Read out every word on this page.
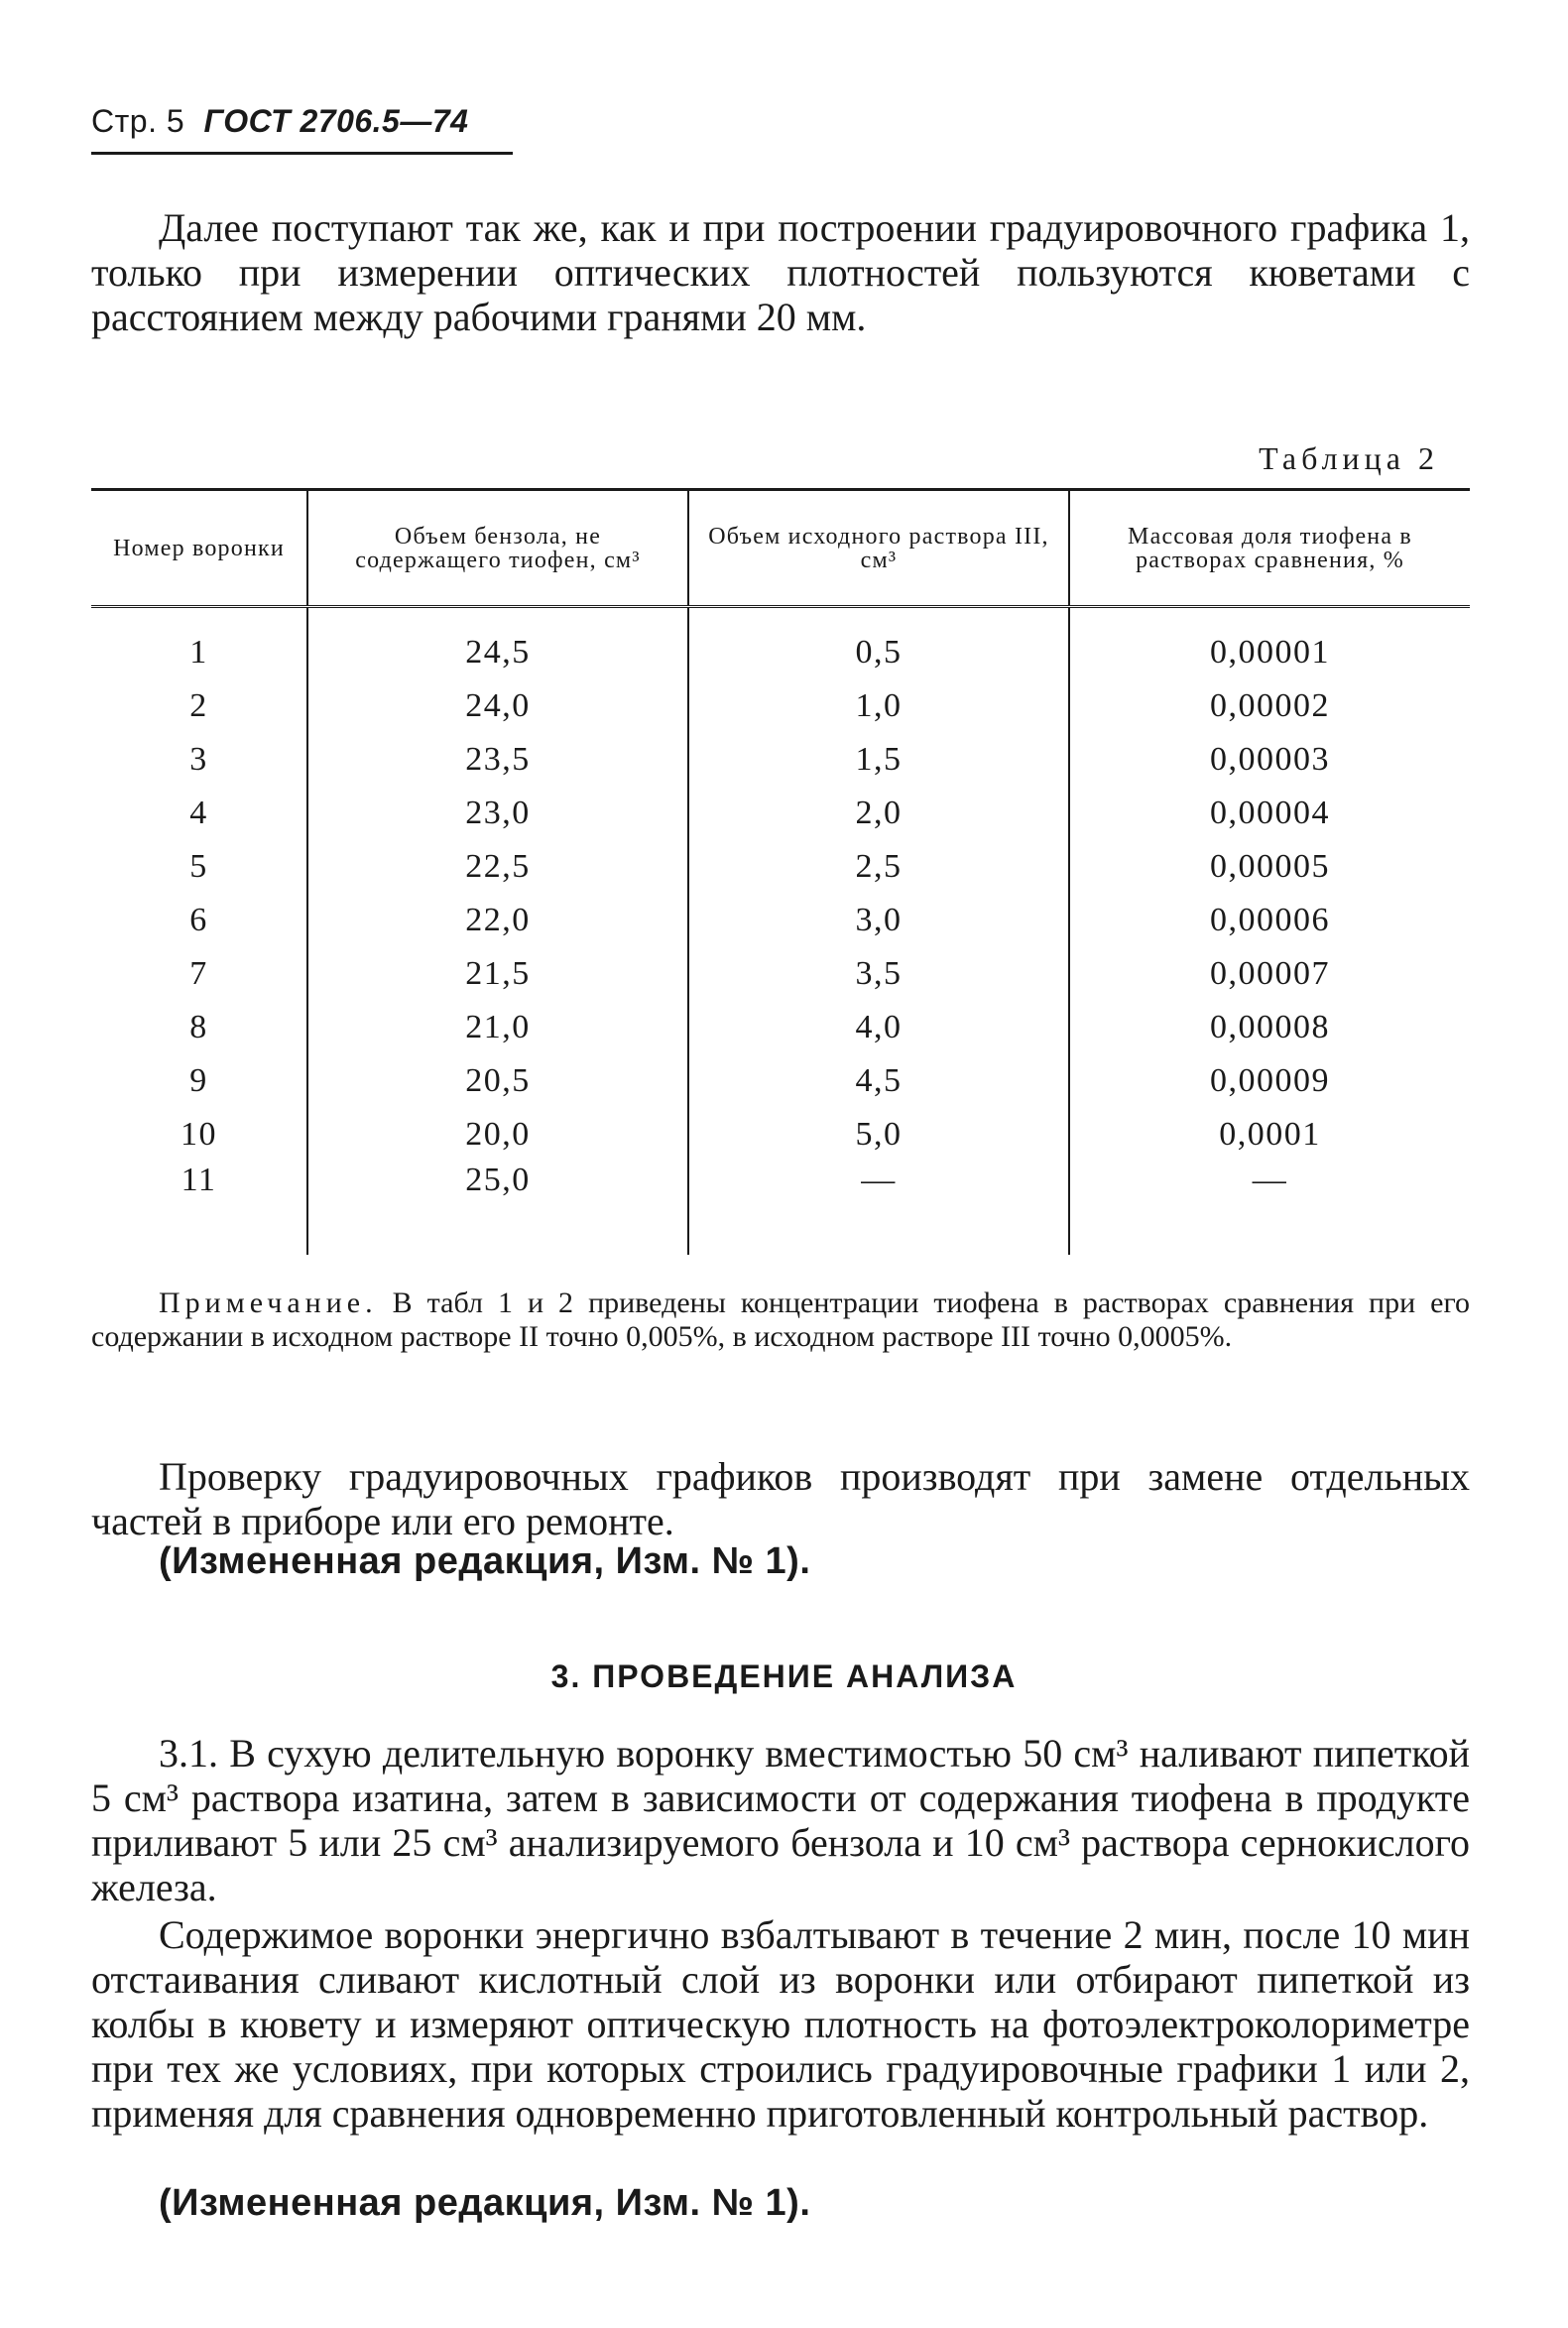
Стр. 5 ГОСТ 2706.5—74

Далее поступают так же, как и при построении градуировочного графика 1, только при измерении оптических плотностей пользуются кюветами с расстоянием между рабочими гранями 20 мм.

Таблица 2
Номер воронки	Объем бензола, не содержащего тиофен, см³	Объем исходного раствора III, см³	Массовая доля тиофена в растворах сравнения, %
1	24,5	0,5	0,00001
2	24,0	1,0	0,00002
3	23,5	1,5	0,00003
4	23,0	2,0	0,00004
5	22,5	2,5	0,00005
6	22,0	3,0	0,00006
7	21,5	3,5	0,00007
8	21,0	4,0	0,00008
9	20,5	4,5	0,00009
10	20,0	5,0	0,0001
11	25,0	—	—

Примечание. В табл 1 и 2 приведены концентрации тиофена в растворах сравнения при его содержании в исходном растворе II точно 0,005%, в исходном растворе III точно 0,0005%.

Проверку градуировочных графиков производят при замене отдельных частей в приборе или его ремонте.

(Измененная редакция, Изм. № 1).
3. ПРОВЕДЕНИЕ АНАЛИЗА

3.1. В сухую делительную воронку вместимостью 50 см³ наливают пипеткой 5 см³ раствора изатина, затем в зависимости от содержания тиофена в продукте приливают 5 или 25 см³ анализируемого бензола и 10 см³ раствора сернокислого железа.

Содержимое воронки энергично взбалтывают в течение 2 мин, после 10 мин отстаивания сливают кислотный слой из воронки или отбирают пипеткой из колбы в кювету и измеряют оптическую плотность на фотоэлектроколориметре при тех же условиях, при которых строились градуировочные графики 1 или 2, применяя для сравнения одновременно приготовленный контрольный раствор.

(Измененная редакция, Изм. № 1).
